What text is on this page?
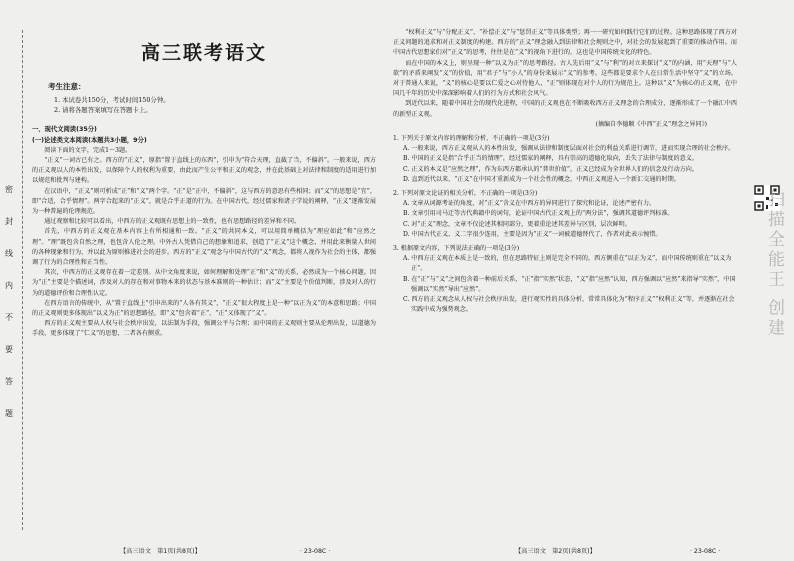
密
封
线
内
不
要
答
题
高三联考语文
考生注意：
1. 本试卷共150分，考试时间150分钟。
2. 请将各题答案填写在答题卡上。
一、现代文阅读(35分)
(一)论述类文本阅读(本题共3小题，9分)

阅读下面的文字，完成1～3题。

“正义”一词古已有之。西方的“正义”，原指“置于直线上的东西”，引申为“符合天理，直截了当，不偏斜”。一般来说，西方的正义观以人的本性出发，以保障个人的权利为重要，由此而产生公平和正义的观念，并在此基础上对法律和制度的适用进行加以规范和批判与建构。

在汉语中，“正义”则可析成“正”和“义”两个字。“正”是“正中，不偏斜”，这与西方的意思有些相同；而“义”的思想是“宜”，即“合适，合乎情理”。两字合起来的“正义”，就是合乎正道的行为。在中国古代，经过儒家和诸子学说的阐释，“正义”逐渐发展为一种普遍的伦理规范。

通过观察和比较可以看出，中西方的正义观既有思想上的一致性，也有思想路径的差异和不同。

首先，中西方的正义观在基本内容上有所相通和一致。“正义”的共同本义，可以用简单概括为“理应如此”和“应然之理”。“理”既包含自然之理，也包含人伦之理。中外古人凭借自己的想象和追求，创造了“正义”这个概念，并用此来衡量人世间的各种现象和行为，并以此为原则推进社会的进步。西方的“正义”观念与中国古代的“义”观念，都将人视作为社会的主体，都强调了行为的合理性和正当性。

其次，中西方的正义观存在着一定差别。从中文角度来说，如何理解和处理“正”和“义”的关系，必然成为一个核心问题。因为“正”主要是个描述词，涉及对人的存在和对事物本来的状态与基本准则的一种估计；而“义”主要是个价值判断，涉及对人的行为的道德评价和合理性认定。

在西方语言的传统中，从“置于直线上”引申出来的“人各有其义”，“正义”很大程度上是一种“以正为义”的本意和思路；中国的正义观则更多体现出“以义为正”的思想路径，即“义”包含着“正”，“正”又体现了“义”。

西方的正义观主要从人权与社会秩序出发，以法制为手段，强调公平与合理；而中国的正义观则主要从伦理出发，以道德为手段，更多体现了“仁义”的思想，二者各有侧重。

“权利正义”与“分配正义”、“补偿正义”与“惩罚正义”等具体类型；再一一研究如何践行它们的过程。这种思路体现了西方对正义问题的追求和对正义制度的构建。西方的“正义”理念融入到法律和社会规则之中，对社会的发展起到了重要的推动作用。而中国古代思想家们对“正义”的思考，往往是在“义”的视角下进行的，这也是中国传统文化的特色。

而在中国的本义上，则呈现一种“以义为正”的思考路径。古人先后用“义”与“利”的对立来探讨“义”的内涵，用“天理”与“人欲”的矛盾来阐发“义”的价值，用“君子”与“小人”的身份来展示“义”的参考。这些都是要求个人在日常生活中坚守“义”的立场。对于普通人来说，“义”的核心是要以仁爱之心对待他人，“正”则体现在对个人的行为规范上。这种以“义”为核心的正义观，在中国几千年的历史中深深影响着人们的行为方式和社会风气。

到近代以来，随着中国社会的现代化进程，中国的正义观也在不断吸收西方正义理念的合理成分，逐渐形成了一个融汇中西的新型正义观。

(摘编自李德顺《中西“正义”理念之异同》)
1. 下列关于原文内容的理解和分析，不正确的一项是(3分)
A. 一般来说，西方正义观从人的本性出发，强调从法律和制度层面对社会的利益关系进行调节，进而实现合理的社会秩序。
B. 中国的正义是指“合乎正当的情理”，经过儒家的阐释，具有崇高的道德化取向，丢失了法律与制度的意义。
C. 正义的本义是“应然之理”，作为东西方都承认的“普世价值”，正义已经成为全世界人们的信念及行动方向。
D. 直到近代以来，“正义”在中国才重新成为一个社会性的概念，中西正义观进入一个新汇交通的时期。
2. 下列对原文论证的相关分析，不正确的一项是(3分)
A. 文章从词源考证的角度，对“正义”含义在中西方的异同进行了探究和论证，论述严密有力。
B. 文章引用司马迁等古代典籍中的词句，论证中国古代正义观上的“两分法”，强调其道德评判标准。
C. 对“正义”理念，文章不仅论述其相同部分，更着重论述其差异与区别，层次鲜明。
D. 中国古代正义、义二字很少连用，主要是因为“正义”一词被道德替代了，作者对此表示惋惜。
3. 根据原文内容，下列说法正确的一项是(3分)
A. 中西方正义观在本质上是一致的，但在思路特征上则是完全不同的，西方侧重在“以正为义”，而中国传统则重在“以义为正”。
B. 在“正”与“义”之间包含着一种前后关系，“正”指“实然”状态，“义”指“应然”认知，西方强调以“应然”来指导“实然”，中国强调以“实然”导出“应然”。
C. 西方的正义观念从人权与社会秩序出发，进行观实性的具体分析，常常具体化为“程序正义”“权利正义”等，并逐渐在社会实践中成为强势观念。
【高三语文　第1页(共8页)】	· 23-08C ·	【高三语文　第2页(共8页)】	· 23-08C ·
扫描全能王 创建
